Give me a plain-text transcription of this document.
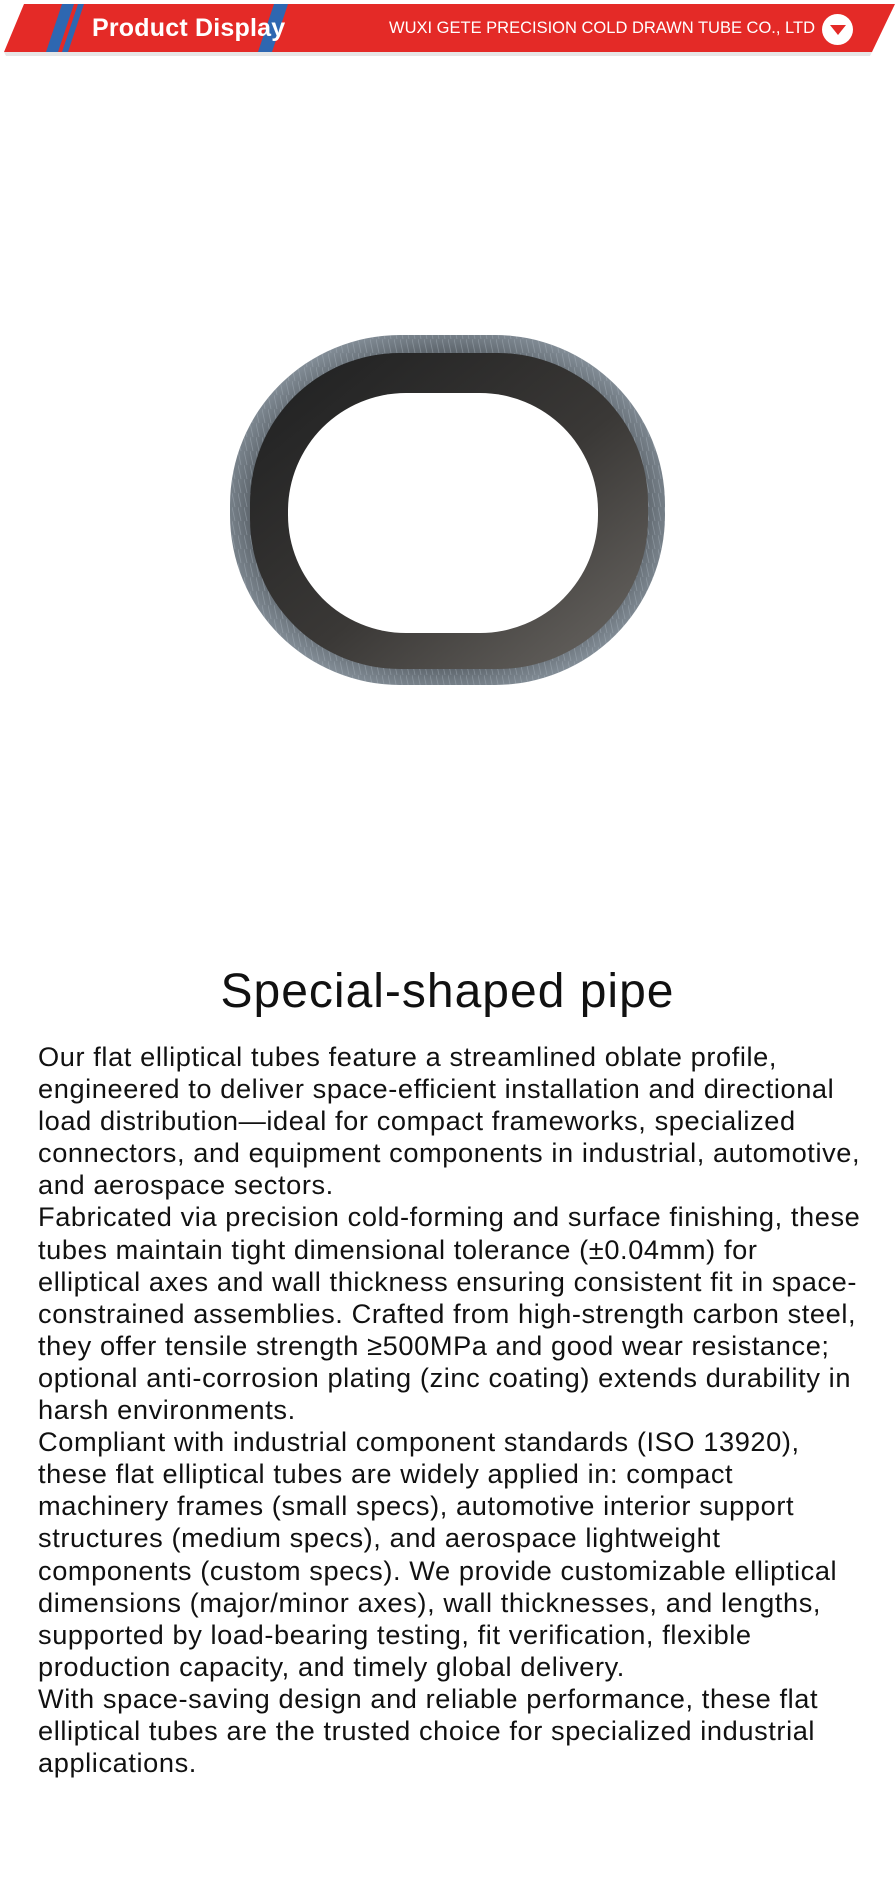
Product Display	WUXI GETE PRECISION COLD DRAWN TUBE CO., LTD
Special-shaped pipe

Our flat elliptical tubes feature a streamlined oblate profile, engineered to deliver space-efficient installation and directional load distribution—ideal for compact frameworks, specialized connectors, and equipment components in industrial, automotive, and aerospace sectors.

Fabricated via precision cold-forming and surface finishing, these tubes maintain tight dimensional tolerance (±0.04mm) for elliptical axes and wall thickness ensuring consistent fit in space-constrained assemblies. Crafted from high-strength carbon steel, they offer tensile strength ≥500MPa and good wear resistance; optional anti-corrosion plating (zinc coating) extends durability in harsh environments.

Compliant with industrial component standards (ISO 13920), these flat elliptical tubes are widely applied in: compact machinery frames (small specs), automotive interior support structures (medium specs), and aerospace lightweight components (custom specs). We provide customizable elliptical dimensions (major/minor axes), wall thicknesses, and lengths, supported by load-bearing testing, fit verification, flexible production capacity, and timely global delivery.

With space-saving design and reliable performance, these flat elliptical tubes are the trusted choice for specialized industrial applications.
